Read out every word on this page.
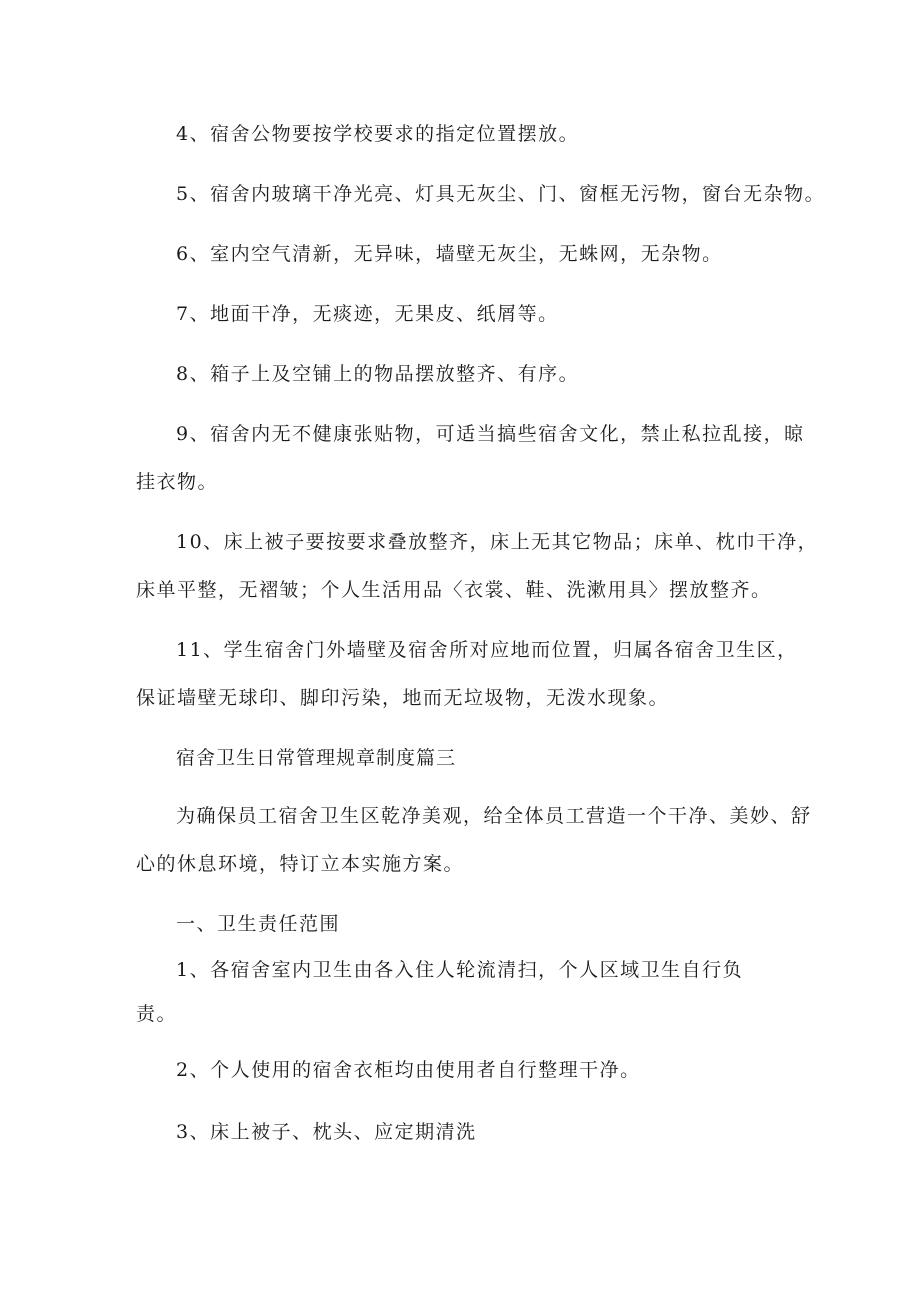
4、宿舍公物要按学校要求的指定位置摆放。
5、宿舍内玻璃干净光亮、灯具无灰尘、门、窗框无污物，窗台无杂物。
6、室内空气清新，无异味，墙壁无灰尘，无蛛网，无杂物。
7、地面干净，无痰迹，无果皮、纸屑等。
8、箱子上及空铺上的物品摆放整齐、有序。
9、宿舍内无不健康张贴物，可适当搞些宿舍文化，禁止私拉乱接，晾
挂衣物。
10、床上被子要按要求叠放整齐，床上无其它物品；床单、枕巾干净，
床单平整，无褶皱；个人生活用品〈衣裳、鞋、洗漱用具〉摆放整齐。
11、学生宿舍门外墙壁及宿舍所对应地而位置，归属各宿舍卫生区，
保证墙壁无球印、脚印污染，地而无垃圾物，无泼水现象。
宿舍卫生日常管理规章制度篇三
为确保员工宿舍卫生区乾净美观，给全体员工营造一个干净、美妙、舒
心的休息环境，特订立本实施方案。
一、卫生责任范围
1、各宿舍室内卫生由各入住人轮流清扫，个人区域卫生自行负
责。
2、个人使用的宿舍衣柜均由使用者自行整理干净。
3、床上被子、枕头、应定期清洗
